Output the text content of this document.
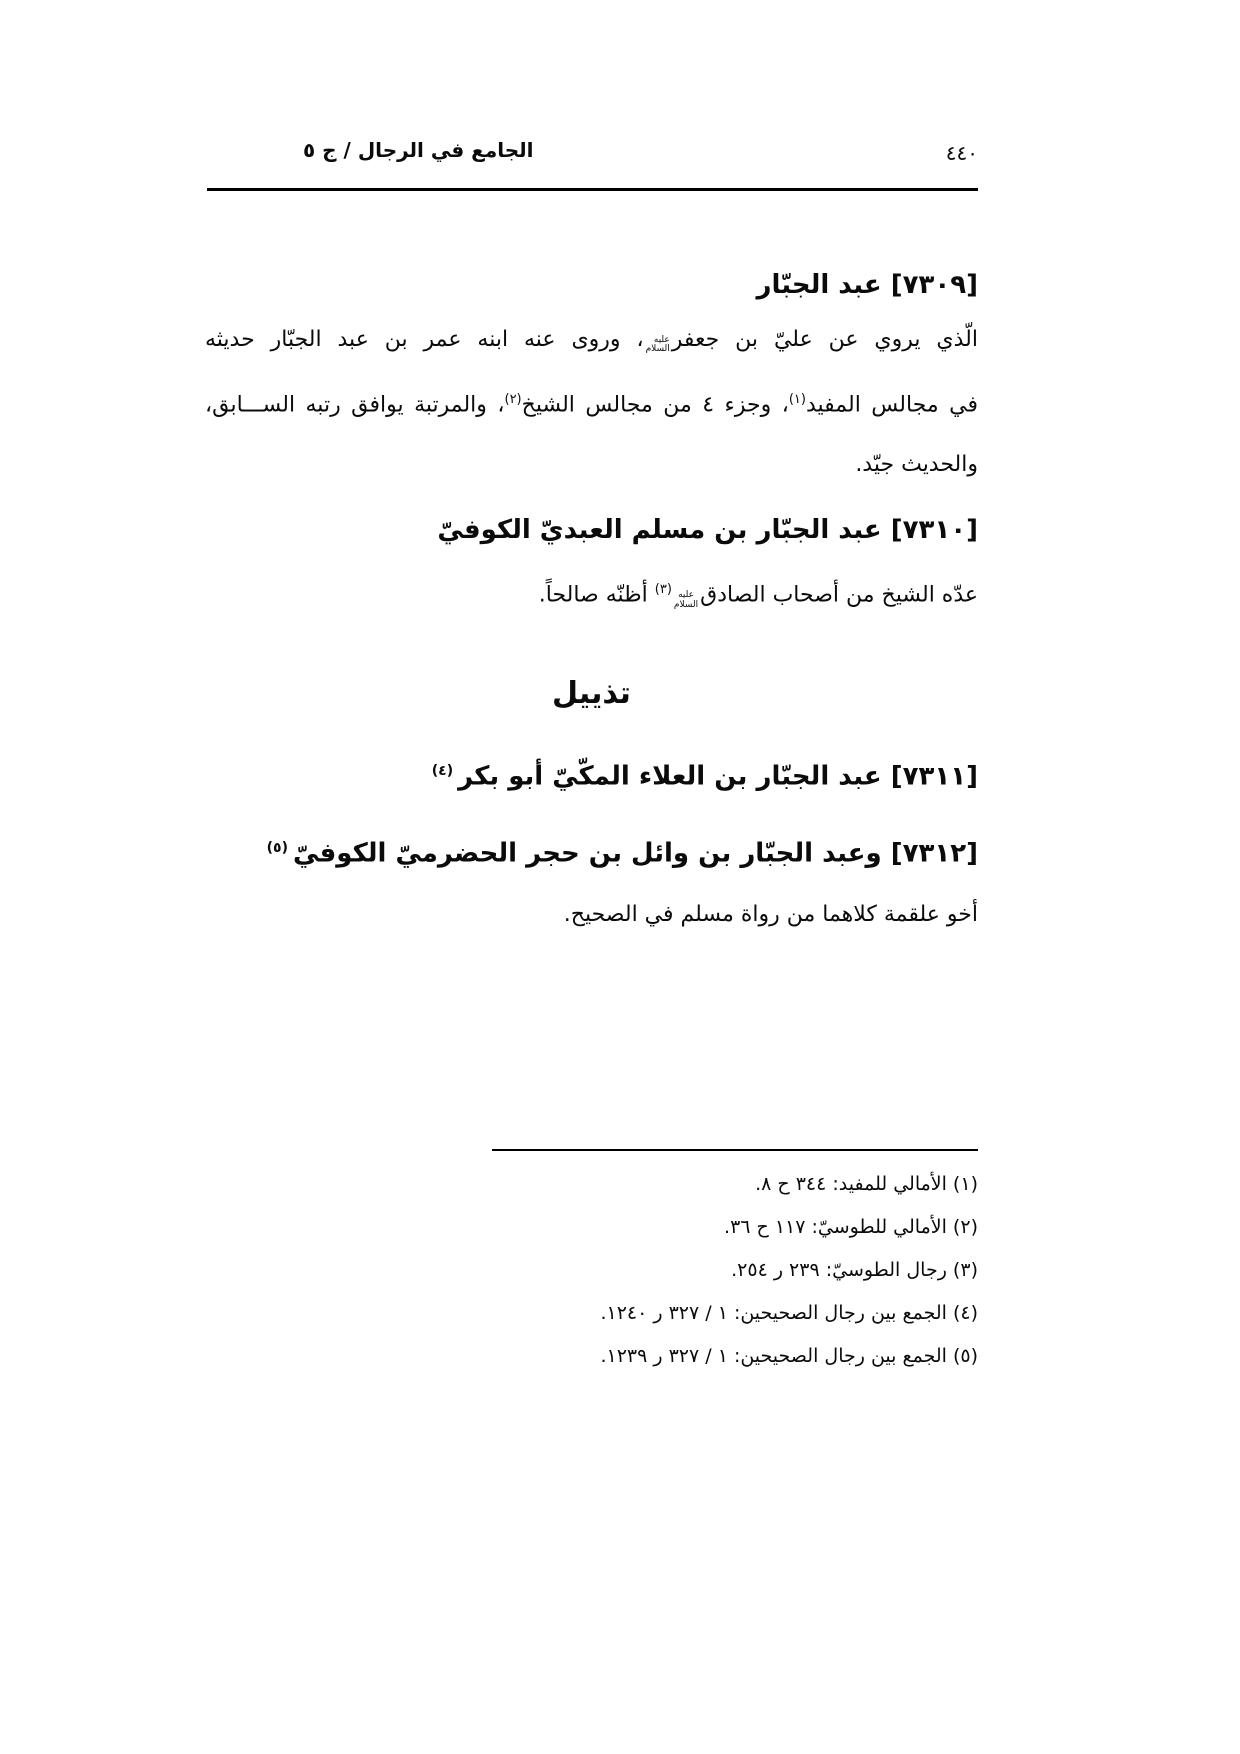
الجامع في الرجال / ج ٥	٤٤٠
[٧٣٠٩] عبد الجبّار

الّذي يروي عن عليّ بن جعفر
عليه
السلام
، وروى عنه ابنه عمر بن عبد الجبّار حديثه

في مجالس المفيد$^{(١)}$، وجزء ٤ من مجالس الشيخ$^{(٢)}$، والمرتبة يوافق رتبه الســـابق،

والحديث جيّد.

[٧٣١٠] عبد الجبّار بن مسلم العبديّ الكوفيّ

عدّه الشيخ من أصحاب الصادق
عليه
السلام
$^{(٣)}$ أظنّه صالحاً.

تذييل
[٧٣١١] عبد الجبّار بن العلاء المكّيّ أبو بكر$^{(٤)}$
[٧٣١٢] وعبد الجبّار بن وائل بن حجر الحضرميّ الكوفيّ$^{(٥)}$

أخو علقمة كلاهما من رواة مسلم في الصحيح.

(١) الأمالي للمفيد: ٣٤٤ ح ٨.

(٢) الأمالي للطوسيّ: ١١٧ ح ٣٦.

(٣) رجال الطوسيّ: ٢٣٩ ر ٢٥٤.

(٤) الجمع بين رجال الصحيحين: ١ / ٣٢٧ ر ١٢٤٠.

(٥) الجمع بين رجال الصحيحين: ١ / ٣٢٧ ر ١٢٣٩.
